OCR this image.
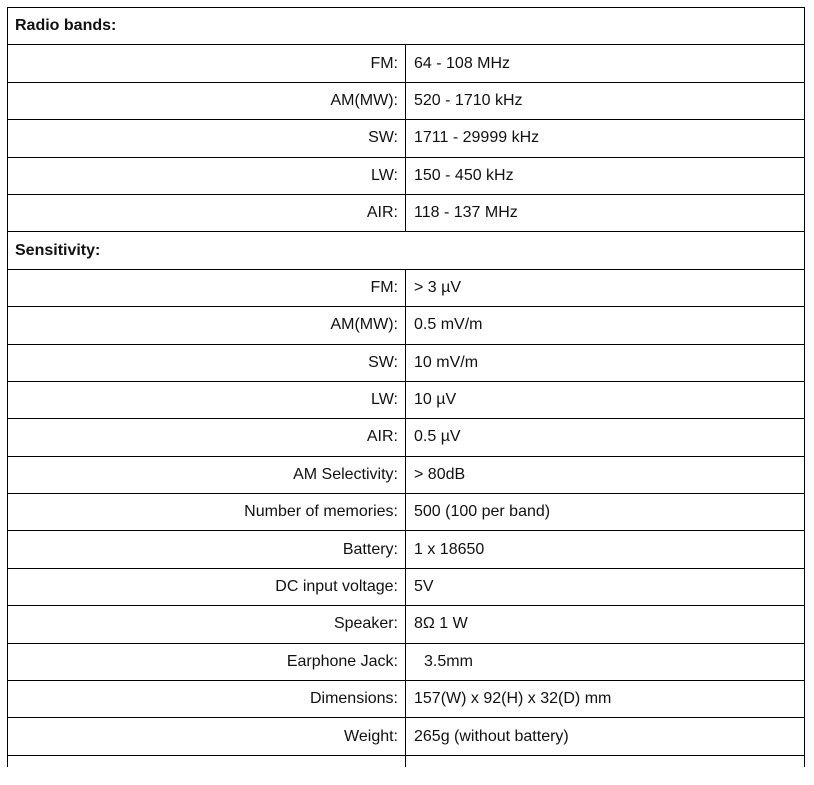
Radio bands:	
FM:	64 - 108 MHz
AM(MW):	520 - 1710 kHz
SW:	1711 - 29999 kHz
LW:	150 - 450 kHz
AIR:	118 - 137 MHz
Sensitivity:	
FM:	> 3 µV
AM(MW):	0.5 mV/m
SW:	10 mV/m
LW:	10 µV
AIR:	0.5 µV
AM Selectivity:	> 80dB
Number of memories:	500 (100 per band)
Battery:	1 x 18650
DC input voltage:	5V
Speaker:	8Ω 1 W
Earphone Jack:	3.5mm
Dimensions:	157(W) x 92(H) x 32(D) mm
Weight:	265g (without battery)
